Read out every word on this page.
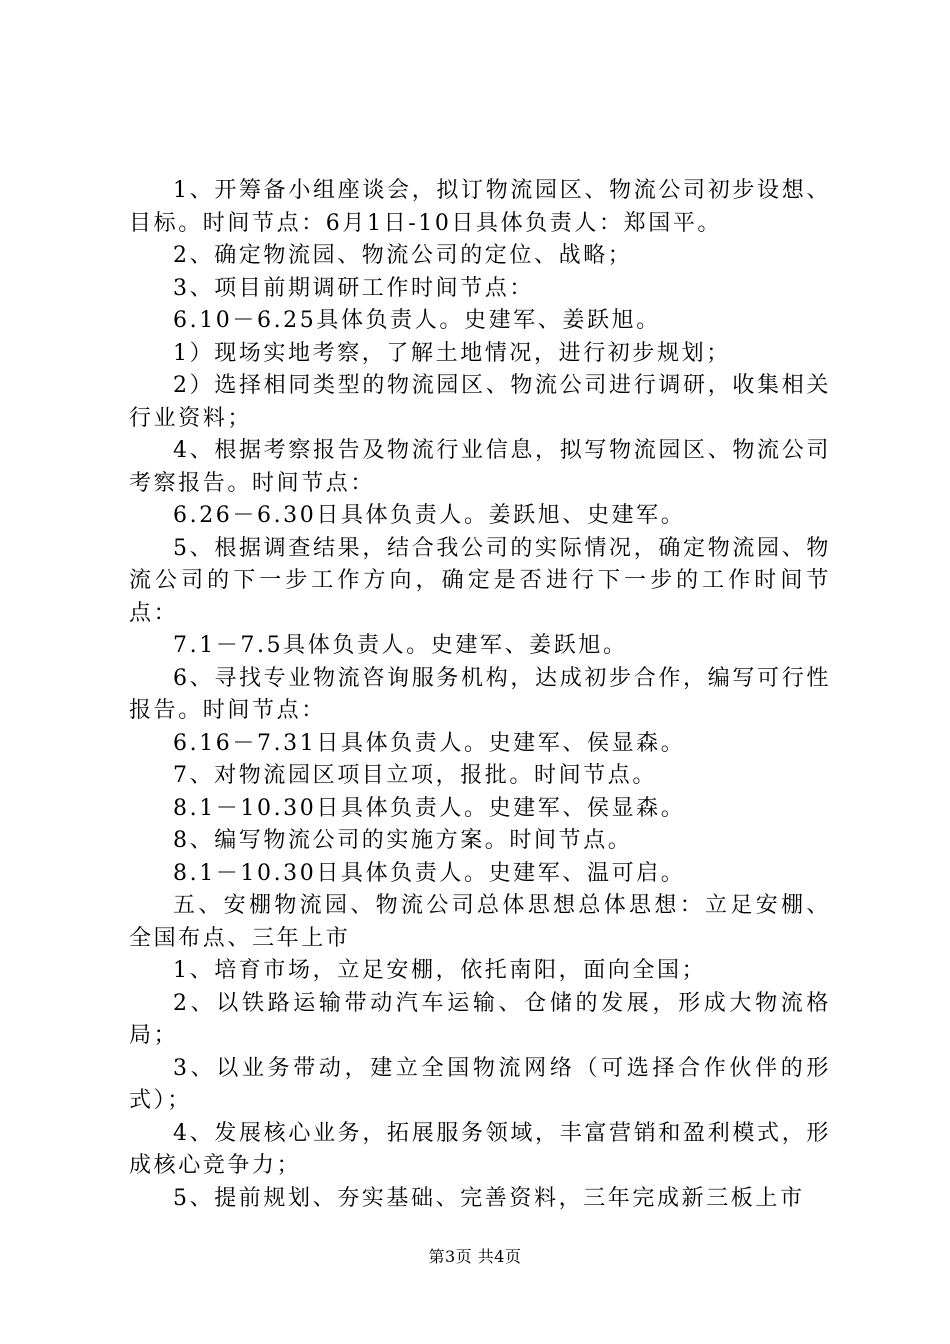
1、开筹备小组座谈会，拟订物流园区、物流公司初步设想、目标。时间节点：6月1日-10日具体负责人：郑国平。

2、确定物流园、物流公司的定位、战略；

3、项目前期调研工作时间节点：

6.10－6.25具体负责人。史建军、姜跃旭。

1）现场实地考察，了解土地情况，进行初步规划；

2）选择相同类型的物流园区、物流公司进行调研，收集相关行业资料；

4、根据考察报告及物流行业信息，拟写物流园区、物流公司考察报告。时间节点：

6.26－6.30日具体负责人。姜跃旭、史建军。

5、根据调查结果，结合我公司的实际情况，确定物流园、物流公司的下一步工作方向，确定是否进行下一步的工作时间节点：

7.1－7.5具体负责人。史建军、姜跃旭。

6、寻找专业物流咨询服务机构，达成初步合作，编写可行性报告。时间节点：

6.16－7.31日具体负责人。史建军、侯显森。

7、对物流园区项目立项，报批。时间节点。

8.1－10.30日具体负责人。史建军、侯显森。

8、编写物流公司的实施方案。时间节点。

8.1－10.30日具体负责人。史建军、温可启。

五、安棚物流园、物流公司总体思想总体思想：立足安棚、全国布点、三年上市

1、培育市场，立足安棚，依托南阳，面向全国；

2、以铁路运输带动汽车运输、仓储的发展，形成大物流格局；

3、以业务带动，建立全国物流网络（可选择合作伙伴的形式）；

4、发展核心业务，拓展服务领域，丰富营销和盈利模式，形成核心竞争力；

5、提前规划、夯实基础、完善资料，三年完成新三板上市

第3页 共4页
